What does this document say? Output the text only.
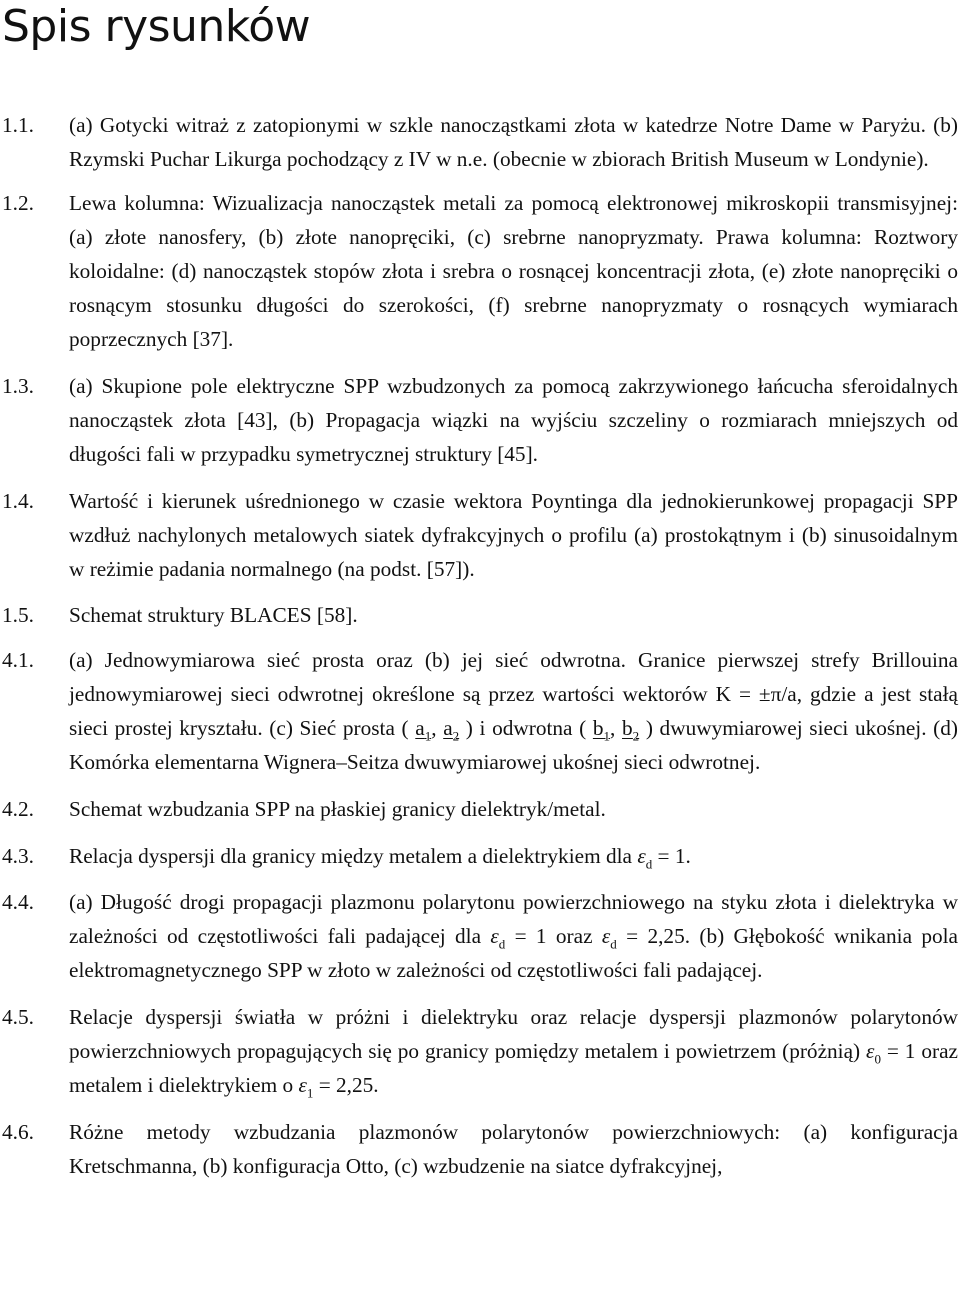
Spis rysunków
1.1. (a) Gotycki witraż z zatopionymi w szkle nanocząstkami złota w katedrze Notre Dame w Paryżu. (b) Rzymski Puchar Likurga pochodzący z IV w n.e. (obecnie w zbiorach British Museum w Londynie).
1.2. Lewa kolumna: Wizualizacja nanocząstek metali za pomocą elektronowej mikroskopii transmisyjnej: (a) złote nanosfery, (b) złote nanopręciki, (c) srebrne nanopryzmaty. Prawa kolumna: Roztwory koloidalne: (d) nanocząstek stopów złota i srebra o rosnącej koncentracji złota, (e) złote nanopręciki o rosnącym stosunku długości do szerokości, (f) srebrne nanopryzmaty o rosnących wymiarach poprzecznych [37].
1.3. (a) Skupione pole elektryczne SPP wzbudzonych za pomocą zakrzywionego łańcucha sferoidalnych nanocząstek złota [43], (b) Propagacja wiązki na wyjściu szczeliny o rozmiarach mniejszych od długości fali w przypadku symetrycznej struktury [45].
1.4. Wartość i kierunek uśrednionego w czasie wektora Poyntinga dla jednokierunkowej propagacji SPP wzdłuż nachylonych metalowych siatek dyfrakcyjnych o profilu (a) prostokątnym i (b) sinusoidalnym w reżimie padania normalnego (na podst. [57]).
1.5. Schemat struktury BLACES [58].
4.1. (a) Jednowymiarowa sieć prosta oraz (b) jej sieć odwrotna. Granice pierwszej strefy Brillouina jednowymiarowej sieci odwrotnej określone są przez wartości wektorów K = ±π/a, gdzie a jest stałą sieci prostej kryształu. (c) Sieć prosta ( $a_1$, $a_2$ ) i odwrotna ( $b_1$, $b_2$ ) dwuwymiarowej sieci ukośnej. (d) Komórka elementarna Wignera–Seitza dwuwymiarowej ukośnej sieci odwrotnej.
4.2. Schemat wzbudzania SPP na płaskiej granicy dielektryk/metal.
4.3. Relacja dyspersji dla granicy między metalem a dielektrykiem dla $\varepsilon_d = 1$.
4.4. (a) Długość drogi propagacji plazmonu polarytonu powierzchniowego na styku złota i dielektryka w zależności od częstotliwości fali padającej dla $\varepsilon_d = 1$ oraz $\varepsilon_d = 2,25$. (b) Głębokość wnikania pola elektromagnetycznego SPP w złoto w zależności od częstotliwości fali padającej.
4.5. Relacje dyspersji światła w próżni i dielektryku oraz relacje dyspersji plazmonów polarytonów powierzchniowych propagujących się po granicy pomiędzy metalem i powietrzem (próżnią) $\varepsilon_0 = 1$ oraz metalem i dielektrykiem o $\varepsilon_1 = 2,25$.
4.6. Różne metody wzbudzania plazmonów polarytonów powierzchniowych: (a) konfiguracja Kretschmanna, (b) konfiguracja Otto, (c) wzbudzenie na siatce dyfrakcyjnej,
